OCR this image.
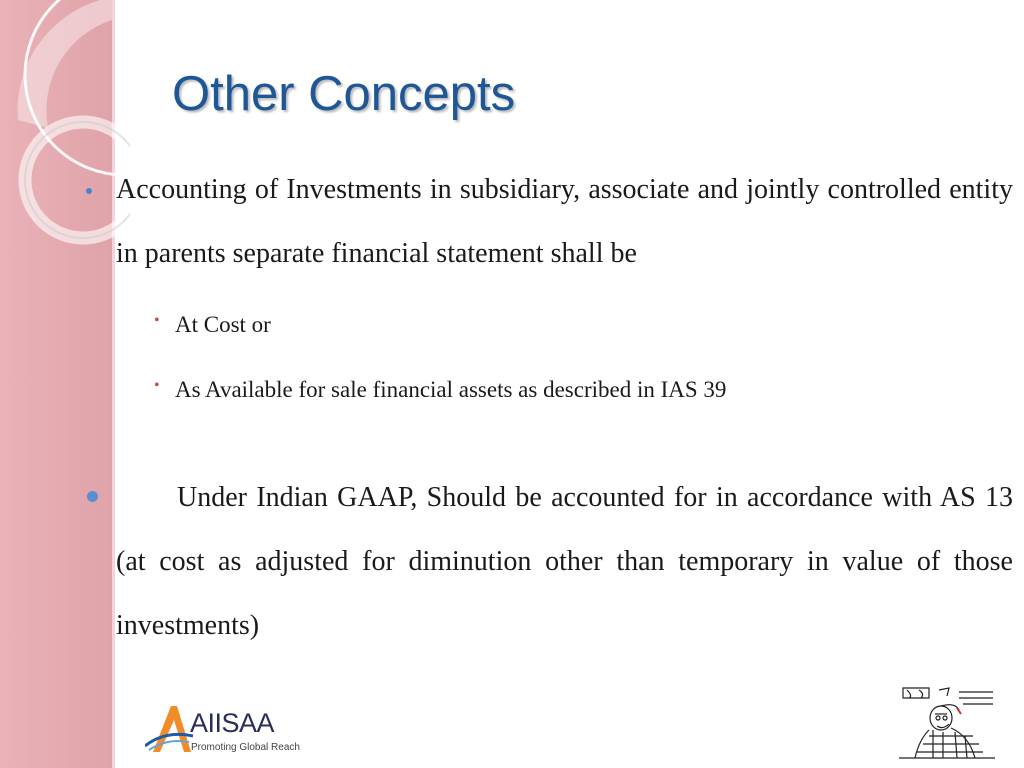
Other Concepts

Accounting of Investments in subsidiary, associate and jointly controlled entity in parents separate financial statement shall be

• At Cost or

• As Available for sale financial assets as described in IAS 39

Under Indian GAAP, Should be accounted for in accordance with AS 13 (at cost as adjusted for diminution other than temporary in value of those investments)

AIISAA
Promoting Global Reach
